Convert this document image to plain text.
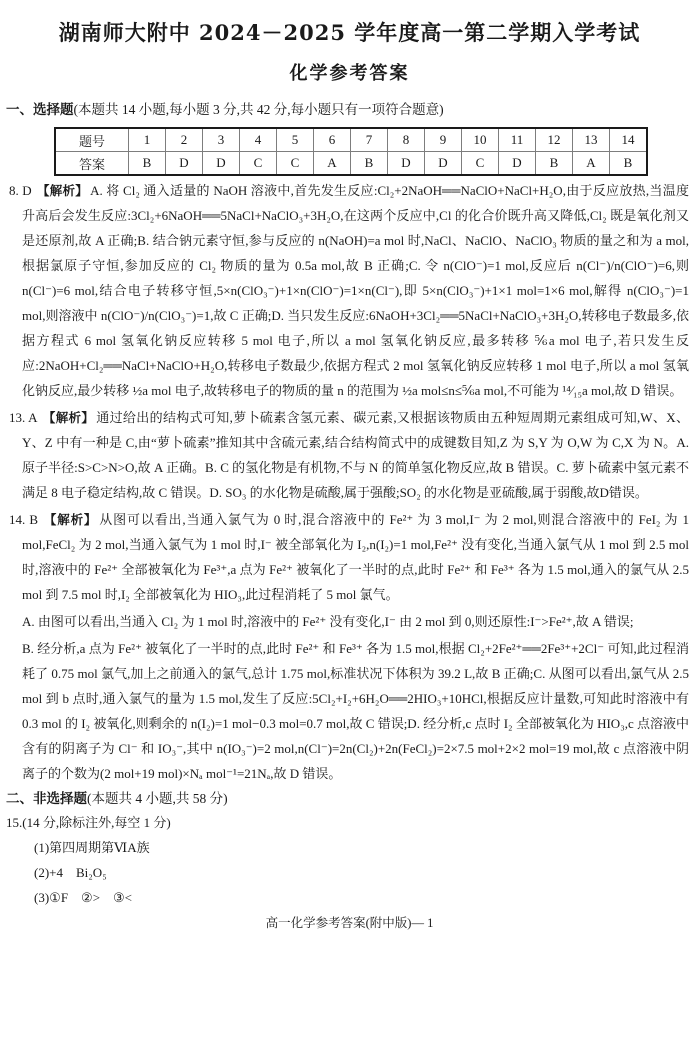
湖南师大附中 2024－2025 学年度高一第二学期入学考试
化学参考答案
一、选择题(本题共 14 小题,每小题 3 分,共 42 分,每小题只有一项符合题意)
题号	1	2	3	4	5	6	7	8	9	10	11	12	13	14
答案	B	D	D	C	C	A	B	D	D	C	D	B	A	B
8. D 【解析】 A. 将 Cl₂ 通入适量的 NaOH 溶液中,首先发生反应:Cl₂+2NaOH══NaClO+NaCl+H₂O,由于反应放热,当温度升高后会发生反应:3Cl₂+6NaOH══5NaCl+NaClO₃+3H₂O,在这两个反应中,Cl 的化合价既升高又降低,Cl₂ 既是氧化剂又是还原剂,故 A 正确;B. 结合钠元素守恒,参与反应的 n(NaOH)=a mol 时,NaCl、NaClO、NaClO₃ 物质的量之和为 a mol,根据氯原子守恒,参加反应的 Cl₂ 物质的量为 0.5a mol,故 B 正确;C. 令 n(ClO⁻)=1 mol,反应后 n(Cl⁻)/n(ClO⁻)=6,则 n(Cl⁻)=6 mol,结合电子转移守恒,5×n(ClO₃⁻)+1×n(ClO⁻)=1×n(Cl⁻),即 5×n(ClO₃⁻)+1×1 mol=1×6 mol,解得 n(ClO₃⁻)=1 mol,则溶液中 n(ClO⁻)/n(ClO₃⁻)=1,故 C 正确;D. 当只发生反应:6NaOH+3Cl₂══5NaCl+NaClO₃+3H₂O,转移电子数最多,依据方程式 6 mol 氢氧化钠反应转移 5 mol 电子,所以 a mol 氢氧化钠反应,最多转移 ⅚a mol 电子,若只发生反应:2NaOH+Cl₂══NaCl+NaClO+H₂O,转移电子数最少,依据方程式 2 mol 氢氧化钠反应转移 1 mol 电子,所以 a mol 氢氧化钠反应,最少转移 ½a mol 电子,故转移电子的物质的量 n 的范围为 ½a mol≤n≤⅚a mol,不可能为 ¹⁴⁄₁₅a mol,故 D 错误。
13. A 【解析】 通过给出的结构式可知,萝卜硫素含氢元素、碳元素,又根据该物质由五种短周期元素组成可知,W、X、Y、Z 中有一种是 C,由“萝卜硫素”推知其中含硫元素,结合结构简式中的成键数目知,Z 为 S,Y 为 O,W 为 C,X 为 N。A. 原子半径:S>C>N>O,故 A 正确。B. C 的氢化物是有机物,不与 N 的简单氢化物反应,故 B 错误。C. 萝卜硫素中氢元素不满足 8 电子稳定结构,故 C 错误。D. SO₃ 的水化物是硫酸,属于强酸;SO₂ 的水化物是亚硫酸,属于弱酸,故D错误。
14. B 【解析】 从图可以看出,当通入氯气为 0 时,混合溶液中的 Fe²⁺ 为 3 mol,I⁻ 为 2 mol,则混合溶液中的 FeI₂ 为 1 mol,FeCl₂ 为 2 mol,当通入氯气为 1 mol 时,I⁻ 被全部氧化为 I₂,n(I₂)=1 mol,Fe²⁺ 没有变化,当通入氯气从 1 mol 到 2.5 mol 时,溶液中的 Fe²⁺ 全部被氧化为 Fe³⁺,a 点为 Fe²⁺ 被氧化了一半时的点,此时 Fe²⁺ 和 Fe³⁺ 各为 1.5 mol,通入的氯气从 2.5 mol 到 7.5 mol 时,I₂ 全部被氧化为 HIO₃,此过程消耗了 5 mol 氯气。
A. 由图可以看出,当通入 Cl₂ 为 1 mol 时,溶液中的 Fe²⁺ 没有变化,I⁻ 由 2 mol 到 0,则还原性:I⁻>Fe²⁺,故 A 错误;
B. 经分析,a 点为 Fe²⁺ 被氧化了一半时的点,此时 Fe²⁺ 和 Fe³⁺ 各为 1.5 mol,根据 Cl₂+2Fe²⁺══2Fe³⁺+2Cl⁻ 可知,此过程消耗了 0.75 mol 氯气,加上之前通入的氯气,总计 1.75 mol,标准状况下体积为 39.2 L,故 B 正确;C. 从图可以看出,氯气从 2.5 mol 到 b 点时,通入氯气的量为 1.5 mol,发生了反应:5Cl₂+I₂+6H₂O══2HIO₃+10HCl,根据反应计量数,可知此时溶液中有 0.3 mol 的 I₂ 被氧化,则剩余的 n(I₂)=1 mol−0.3 mol=0.7 mol,故 C 错误;D. 经分析,c 点时 I₂ 全部被氧化为 HIO₃,c 点溶液中含有的阴离子为 Cl⁻ 和 IO₃⁻,其中 n(IO₃⁻)=2 mol,n(Cl⁻)=2n(Cl₂)+2n(FeCl₂)=2×7.5 mol+2×2 mol=19 mol,故 c 点溶液中阴离子的个数为(2 mol+19 mol)×Nₐ mol⁻¹=21Nₐ,故 D 错误。
二、非选择题(本题共 4 小题,共 58 分)
15.(14 分,除标注外,每空 1 分)
(1)第四周期第ⅥA族
(2)+4　Bi₂O₅
(3)①F　②>　③<
高一化学参考答案(附中版)— 1
